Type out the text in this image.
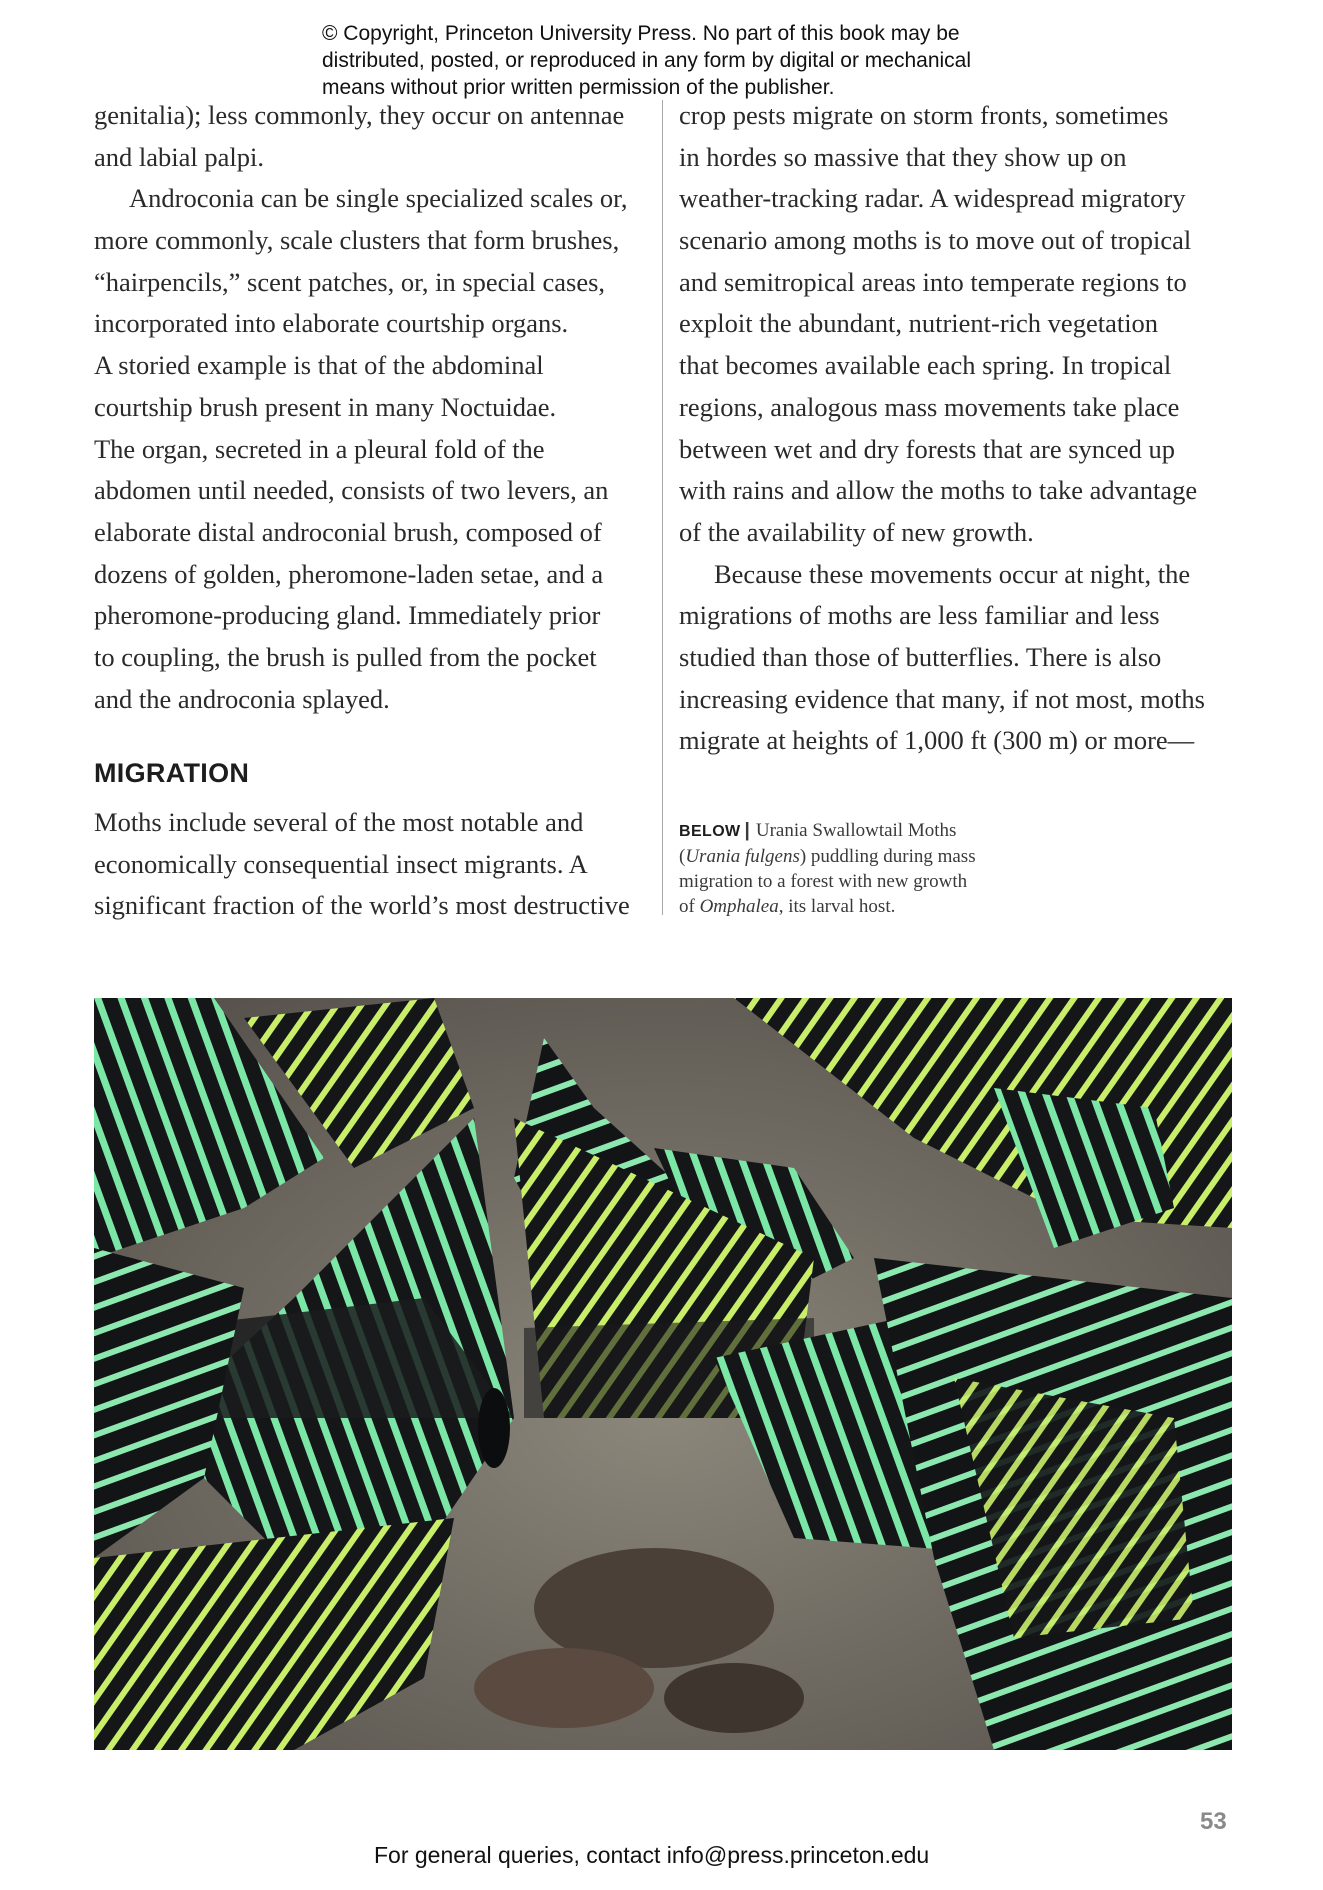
© Copyright, Princeton University Press. No part of this book may be
distributed, posted, or reproduced in any form by digital or mechanical
means without prior written permission of the publisher.
genitalia); less commonly, they occur on antennae
and labial palpi.
Androconia can be single specialized scales or,
more commonly, scale clusters that form brushes,
“hairpencils,” scent patches, or, in special cases,
incorporated into elaborate courtship organs.
A storied example is that of the abdominal
courtship brush present in many Noctuidae.
The organ, secreted in a pleural fold of the
abdomen until needed, consists of two levers, an
elaborate distal androconial brush, composed of
dozens of golden, pheromone-laden setae, and a
pheromone-producing gland. Immediately prior
to coupling, the brush is pulled from the pocket
and the androconia splayed.
MIGRATION
Moths include several of the most notable and
economically consequential insect migrants. A
significant fraction of the world’s most destructive
crop pests migrate on storm fronts, sometimes
in hordes so massive that they show up on
weather-tracking radar. A widespread migratory
scenario among moths is to move out of tropical
and semitropical areas into temperate regions to
exploit the abundant, nutrient-rich vegetation
that becomes available each spring. In tropical
regions, analogous mass movements take place
between wet and dry forests that are synced up
with rains and allow the moths to take advantage
of the availability of new growth.
Because these movements occur at night, the
migrations of moths are less familiar and less
studied than those of butterflies. There is also
increasing evidence that many, if not most, moths
migrate at heights of 1,000 ft (300 m) or more—
BELOW | Urania Swallowtail Moths
(Urania fulgens) puddling during mass
migration to a forest with new growth
of Omphalea, its larval host.
53
For general queries, contact info@press.princeton.edu
